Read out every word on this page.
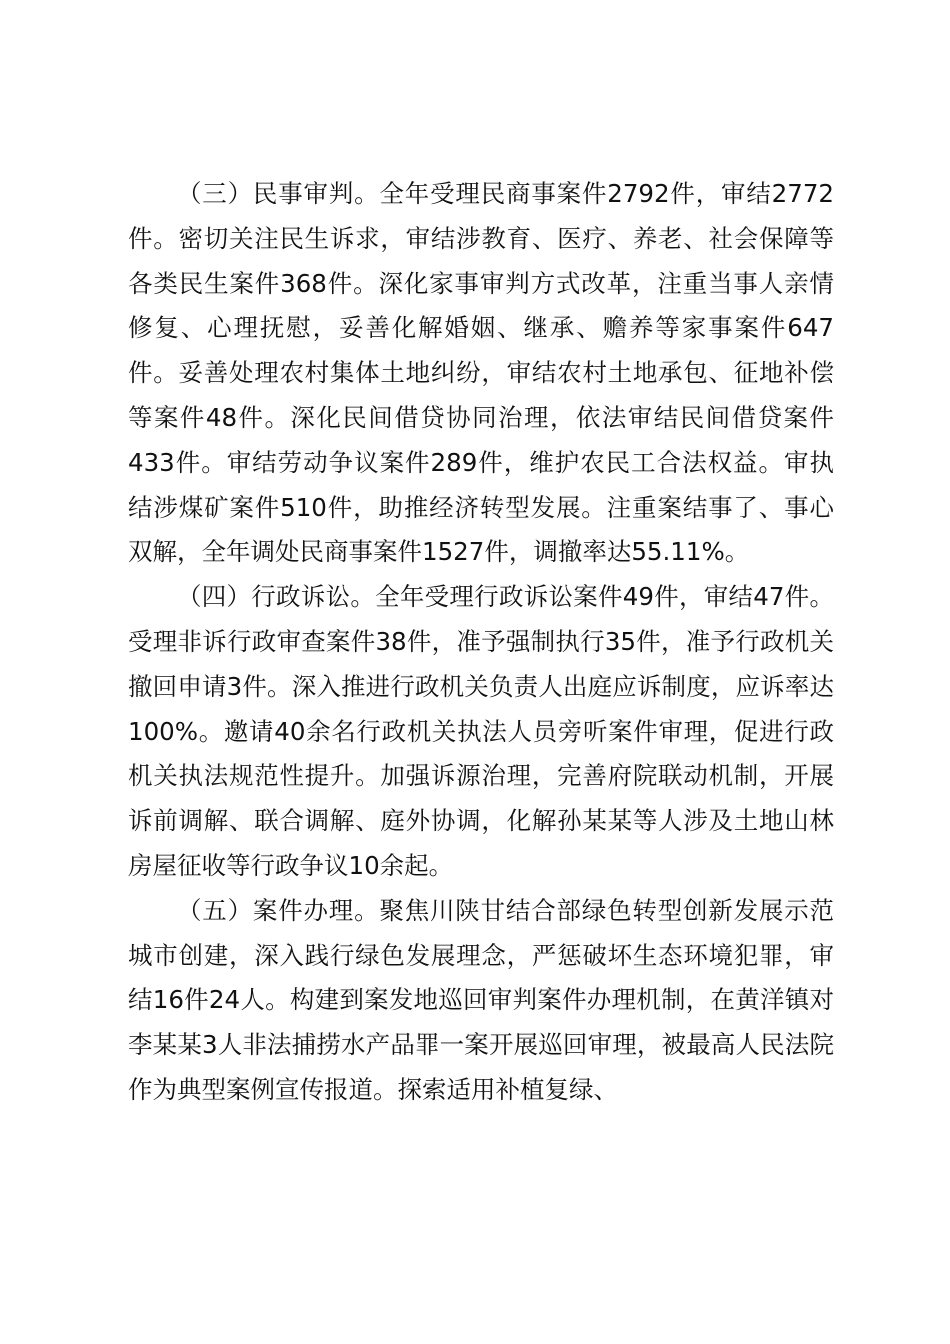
（三）民事审判。全年受理民商事案件2792件，审结2772件。密切关注民生诉求，审结涉教育、医疗、养老、社会保障等各类民生案件368件。深化家事审判方式改革，注重当事人亲情修复、心理抚慰，妥善化解婚姻、继承、赡养等家事案件647件。妥善处理农村集体土地纠纷，审结农村土地承包、征地补偿等案件48件。深化民间借贷协同治理，依法审结民间借贷案件433件。审结劳动争议案件289件，维护农民工合法权益。审执结涉煤矿案件510件，助推经济转型发展。注重案结事了、事心双解，全年调处民商事案件1527件，调撤率达55.11%。

（四）行政诉讼。全年受理行政诉讼案件49件，审结47件。受理非诉行政审查案件38件，准予强制执行35件，准予行政机关撤回申请3件。深入推进行政机关负责人出庭应诉制度，应诉率达100%。邀请40余名行政机关执法人员旁听案件审理，促进行政机关执法规范性提升。加强诉源治理，完善府院联动机制，开展诉前调解、联合调解、庭外协调，化解孙某某等人涉及土地山林房屋征收等行政争议10余起。

（五）案件办理。聚焦川陕甘结合部绿色转型创新发展示范城市创建，深入践行绿色发展理念，严惩破坏生态环境犯罪，审结16件24人。构建到案发地巡回审判案件办理机制，在黄洋镇对李某某3人非法捕捞水产品罪一案开展巡回审理，被最高人民法院作为典型案例宣传报道。探索适用补植复绿、
